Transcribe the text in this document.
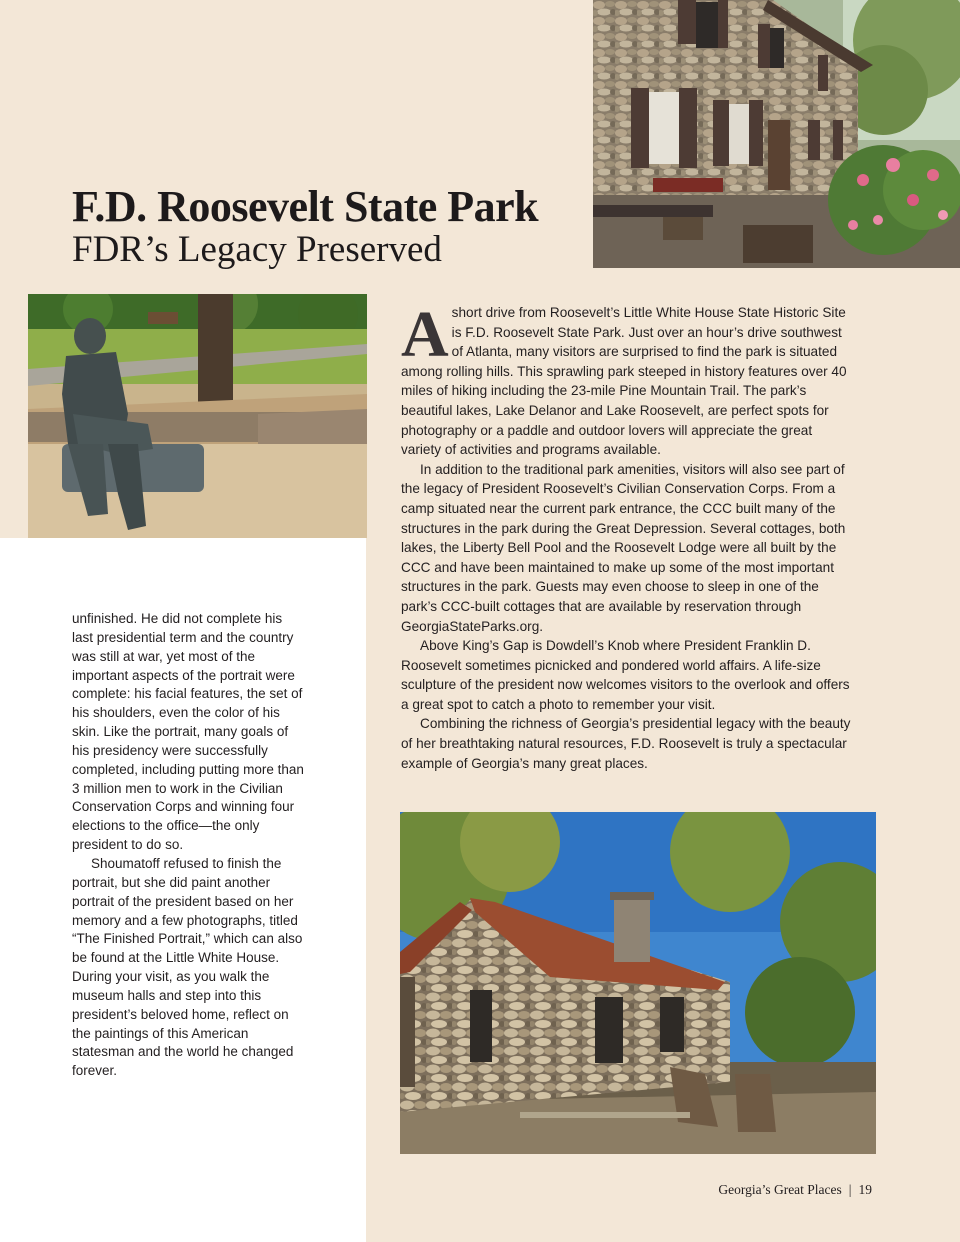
F.D. Roosevelt State Park
FDR’s Legacy Preserved

unfinished. He did not complete his last presidential term and the country was still at war, yet most of the important aspects of the portrait were complete: his facial features, the set of his shoulders, even the color of his skin. Like the portrait, many goals of his presidency were successfully completed, including putting more than 3 million men to work in the Civilian Conservation Corps and winning four elections to the office—the only president to do so.

Shoumatoff refused to finish the portrait, but she did paint another portrait of the president based on her memory and a few photographs, titled “The Finished Portrait,” which can also be found at the Little White House. During your visit, as you walk the museum halls and step into this president’s beloved home, reflect on the paintings of this American statesman and the world he changed forever.

A short drive from Roosevelt’s Little White House State Historic Site is F.D. Roosevelt State Park. Just over an hour’s drive southwest of Atlanta, many visitors are surprised to find the park is situated among rolling hills. This sprawling park steeped in history features over 40 miles of hiking including the 23-mile Pine Mountain Trail. The park’s beautiful lakes, Lake Delanor and Lake Roosevelt, are perfect spots for photography or a paddle and outdoor lovers will appreciate the great variety of activities and programs available.

In addition to the traditional park amenities, visitors will also see part of the legacy of President Roosevelt’s Civilian Conservation Corps. From a camp situated near the current park entrance, the CCC built many of the structures in the park during the Great Depression. Several cottages, both lakes, the Liberty Bell Pool and the Roosevelt Lodge were all built by the CCC and have been maintained to make up some of the most important structures in the park. Guests may even choose to sleep in one of the park’s CCC-built cottages that are available by reservation through GeorgiaStateParks.org.

Above King’s Gap is Dowdell’s Knob where President Franklin D. Roosevelt sometimes picnicked and pondered world affairs. A life-size sculpture of the president now welcomes visitors to the overlook and offers a great spot to catch a photo to remember your visit.

Combining the richness of Georgia’s presidential legacy with the beauty of her breathtaking natural resources, F.D. Roosevelt is truly a spectacular example of Georgia’s many great places.

Georgia’s Great Places | 19
